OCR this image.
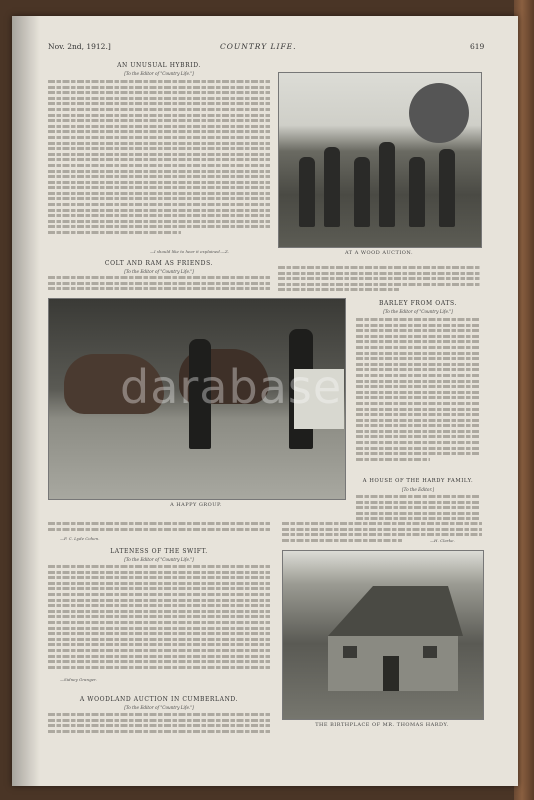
Nov. 2nd, 1912.]	COUNTRY LIFE.	619
AN UNUSUAL HYBRID.
[To the Editor of "Country Life."]
—I should like to hear it explained.—Z.	AT A WOOD AUCTION.
COLT AND RAM AS FRIENDS.
[To the Editor of "Country Life."]
A HAPPY GROUP.
darabase
BARLEY FROM OATS.
[To the Editor of "Country Life."]
A HOUSE OF THE HARDY FAMILY.
[To the Editor.]
—H. Clarke.
—F. C. Lyde Cohen.
LATENESS OF THE SWIFT.
[To the Editor of "Country Life."]
—Sidney Granger.
A WOODLAND AUCTION IN CUMBERLAND.
[To the Editor of "Country Life."]
THE BIRTHPLACE OF MR. THOMAS HARDY.
